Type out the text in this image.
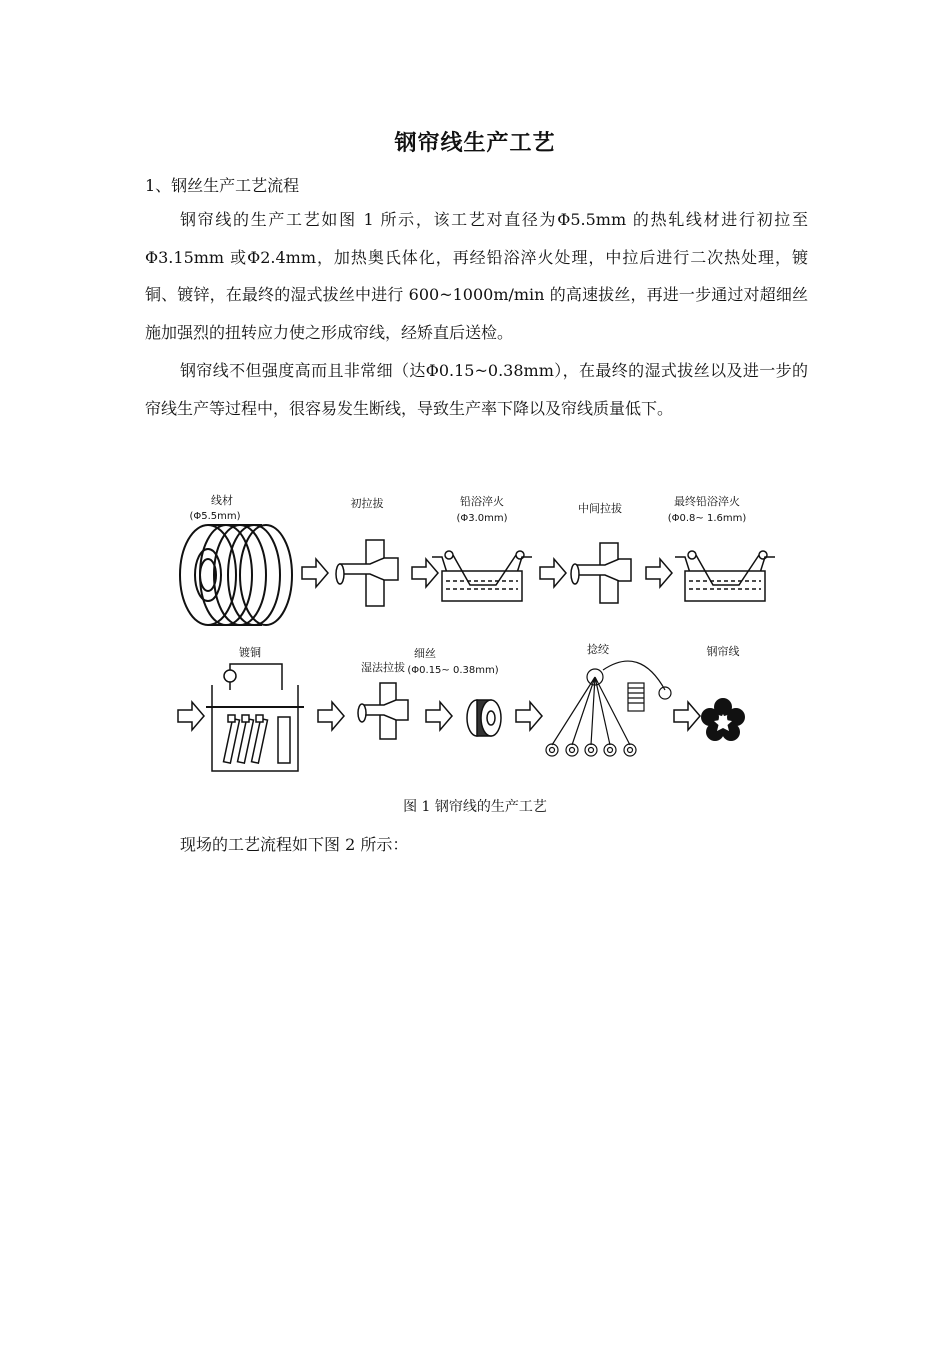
钢帘线生产工艺
1、钢丝生产工艺流程

钢帘线的生产工艺如图 1 所示，该工艺对直径为Φ5.5mm 的热轧线材进行初拉至Φ3.15mm 或Φ2.4mm，加热奥氏体化，再经铅浴淬火处理，中拉后进行二次热处理，镀铜、镀锌，在最终的湿式拔丝中进行 600~1000m/min 的高速拔丝，再进一步通过对超细丝施加强烈的扭转应力使之形成帘线，经矫直后送检。

钢帘线不但强度高而且非常细（达Φ0.15~0.38mm），在最终的湿式拔丝以及进一步的帘线生产等过程中，很容易发生断线，导致生产率下降以及帘线质量低下。

线材
(Φ5.5mm)
初拉拔	铅浴淬火
(Φ3.0mm)
中间拉拔
最终铅浴淬火
(Φ0.8~ 1.6mm)
镀铜
湿法拉拔
细丝
(Φ0.15~ 0.38mm)
捻绞	钢帘线
图 1 钢帘线的生产工艺
现场的工艺流程如下图 2 所示：
